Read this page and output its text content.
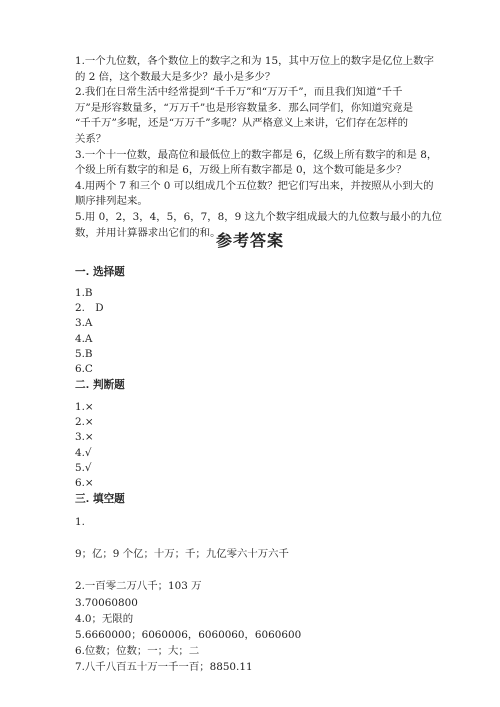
1.一个九位数，各个数位上的数字之和为 15，其中万位上的数字是亿位上数字

的 2 倍，这个数最大是多少？最小是多少？

2.我们在日常生活中经常提到“千千万”和“万万千”，而且我们知道“千千

万”是形容数量多，“万万千”也是形容数量多．那么同学们，你知道究竟是

“千千万”多呢，还是“万万千”多呢？从严格意义上来讲，它们存在怎样的

关系？

3.一个十一位数，最高位和最低位上的数字都是 6，亿级上所有数字的和是 8，

个级上所有数字的和是 6，万级上所有数字都是 0，这个数可能是多少？

4.用两个 7 和三个 0 可以组成几个五位数？把它们写出来，并按照从小到大的

顺序排列起来。

5.用 0，2，3，4，5，6，7，8，9 这九个数字组成最大的九位数与最小的九位

数，并用计算器求出它们的和。

参考答案
一. 选择题
1.B
2.　D
3.A
4.A
5.B
6.C
二. 判断题
1.×
2.×
3.×
4.√
5.√
6.×
三. 填空题
1.
9；亿；9 个亿；十万；千；九亿零六十万六千
2.一百零二万八千；103 万
3.70060800
4.0；无限的
5.6660000；6060006，6060060，6060600
6.位数；位数；一；大；二
7.八千八百五十万一千一百；8850.11
